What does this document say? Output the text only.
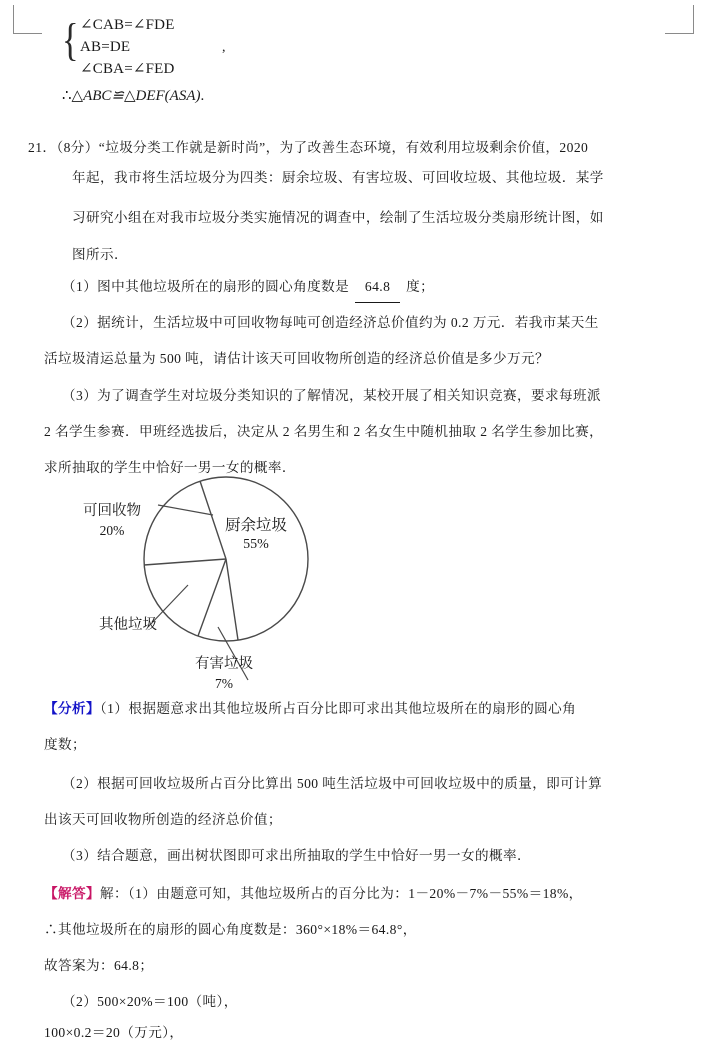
{ ∠CAB=∠FDE
AB=DE
∠CBA=∠FED
,
∴△ABC≌△DEF(ASA).
21．（8分）“垃圾分类工作就是新时尚”，为了改善生态环境，有效利用垃圾剩余价值，2020
年起，我市将生活垃圾分为四类：厨余垃圾、有害垃圾、可回收垃圾、其他垃圾．某学
习研究小组在对我市垃圾分类实施情况的调查中，绘制了生活垃圾分类扇形统计图，如
图所示．
（1）图中其他垃圾所在的扇形的圆心角度数是 64.8 度；
（2）据统计，生活垃圾中可回收物每吨可创造经济总价值约为 0.2 万元．若我市某天生
活垃圾清运总量为 500 吨，请估计该天可回收物所创造的经济总价值是多少万元？
（3）为了调查学生对垃圾分类知识的了解情况，某校开展了相关知识竞赛，要求每班派
2 名学生参赛．甲班经选拔后，决定从 2 名男生和 2 名女生中随机抽取 2 名学生参加比赛，
求所抽取的学生中恰好一男一女的概率．
可回收物
20%	厨余垃圾
55%
其他垃圾
有害垃圾
7%
【分析】（1）根据题意求出其他垃圾所占百分比即可求出其他垃圾所在的扇形的圆心角
度数；
（2）根据可回收垃圾所占百分比算出 500 吨生活垃圾中可回收垃圾中的质量，即可计算
出该天可回收物所创造的经济总价值；
（3）结合题意，画出树状图即可求出所抽取的学生中恰好一男一女的概率．
【解答】解：（1）由题意可知，其他垃圾所占的百分比为：1－20%－7%－55%＝18%，
∴其他垃圾所在的扇形的圆心角度数是：360°×18%＝64.8°，
故答案为：64.8；
（2）500×20%＝100（吨），
100×0.2＝20（万元），
